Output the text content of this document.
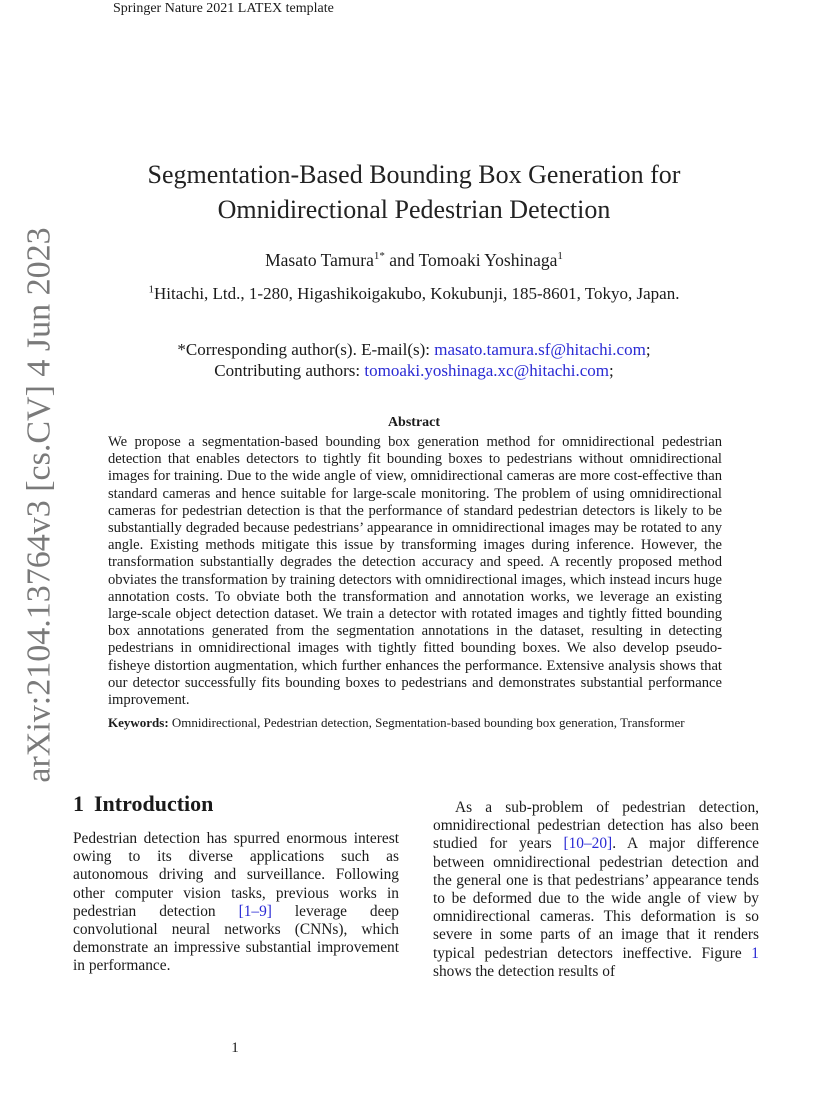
Springer Nature 2021 LATEX template
arXiv:2104.13764v3 [cs.CV] 4 Jun 2023
Segmentation-Based Bounding Box Generation for
Omnidirectional Pedestrian Detection
Masato Tamura$^{1*}$ and Tomoaki Yoshinaga$^1$
$^1$Hitachi, Ltd., 1-280, Higashikoigakubo, Kokubunji, 185-8601, Tokyo, Japan.
*Corresponding author(s). E-mail(s): masato.tamura.sf@hitachi.com;
Contributing authors: tomoaki.yoshinaga.xc@hitachi.com;
Abstract
We propose a segmentation-based bounding box generation method for omnidirectional pedestrian detection that enables detectors to tightly fit bounding boxes to pedestrians without omnidirectional images for training. Due to the wide angle of view, omnidirectional cameras are more cost-effective than standard cameras and hence suitable for large-scale monitoring. The problem of using omnidirectional cameras for pedestrian detection is that the performance of standard pedestrian detectors is likely to be substantially degraded because pedestrians’ appearance in omnidirectional images may be rotated to any angle. Existing methods mitigate this issue by transforming images during inference. However, the transformation substantially degrades the detection accuracy and speed. A recently proposed method obviates the transformation by training detectors with omnidirectional images, which instead incurs huge annotation costs. To obviate both the transformation and annotation works, we leverage an existing large-scale object detection dataset. We train a detector with rotated images and tightly fitted bounding box annotations generated from the segmentation annotations in the dataset, resulting in detecting pedestrians in omnidirectional images with tightly fitted bounding boxes. We also develop pseudo-fisheye distortion augmentation, which further enhances the performance. Extensive analysis shows that our detector successfully fits bounding boxes to pedestrians and demonstrates substantial performance improvement.
Keywords: Omnidirectional, Pedestrian detection, Segmentation-based bounding box generation, Transformer
1 Introduction
Pedestrian detection has spurred enormous interest owing to its diverse applications such as autonomous driving and surveillance. Following other computer vision tasks, previous works in pedestrian detection [1–9] leverage deep convolutional neural networks (CNNs), which demonstrate an impressive substantial improvement in performance.
As a sub-problem of pedestrian detection, omnidirectional pedestrian detection has also been studied for years [10–20]. A major difference between omnidirectional pedestrian detection and the general one is that pedestrians’ appearance tends to be deformed due to the wide angle of view by omnidirectional cameras. This deformation is so severe in some parts of an image that it renders typical pedestrian detectors ineffective. Figure 1 shows the detection results of
1
